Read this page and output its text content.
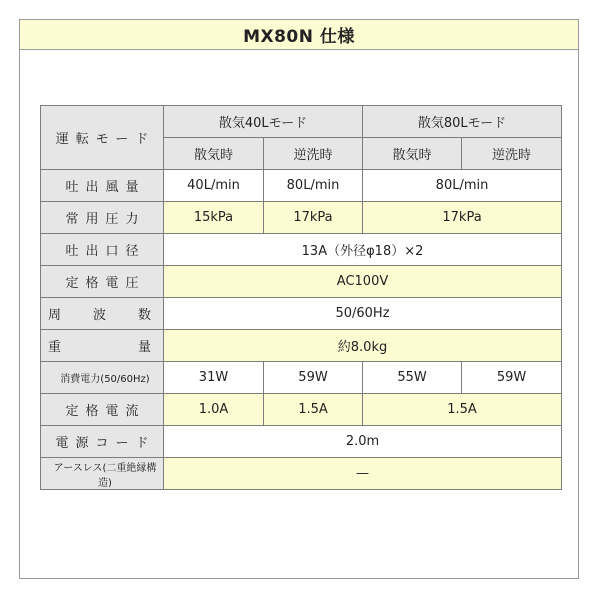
MX80N 仕様
運転モード	散気40Lモード		散気80Lモード	
	散気時	逆洗時	散気時	逆洗時
吐出風量	40L/min	80L/min	80L/min	
常用圧力	15kPa	17kPa	17kPa	
吐出口径	13A（外径φ18）×2			
定格電圧	AC100V			

周 波 数	50/60Hz			

重 量	約8.0kg			
消費電力(50/60Hz)	31W	59W	55W	59W
定格電流	1.0A	1.5A	1.5A	
電源コード	2.0m			
アースレス(二重絶縁構造)	—			
